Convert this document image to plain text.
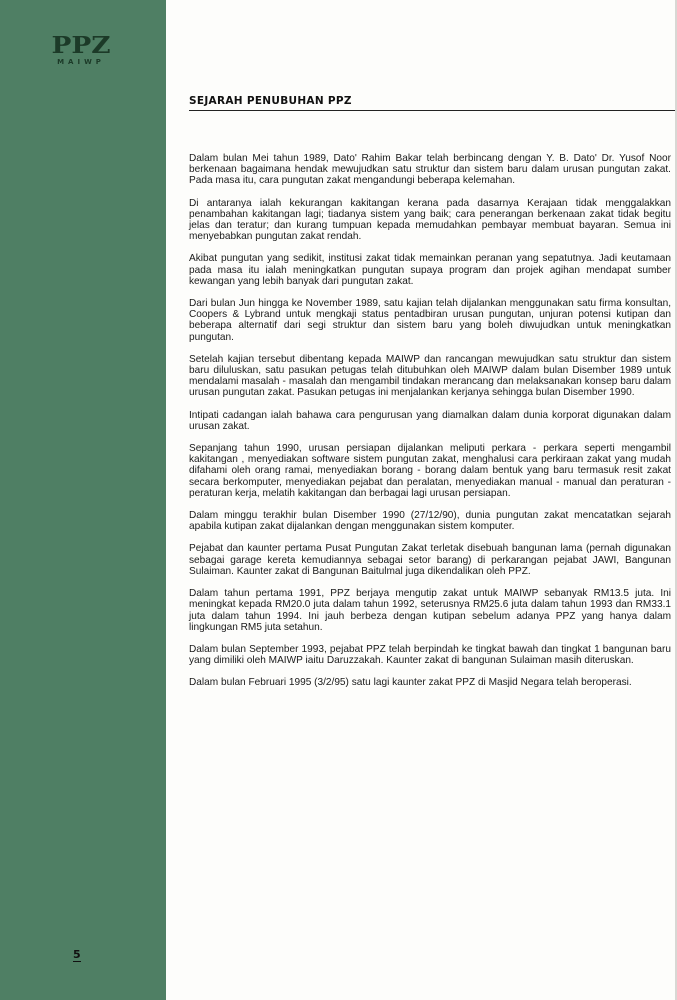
PPZ
MAIWP
5
SEJARAH PENUBUHAN PPZ

Dalam bulan Mei tahun 1989, Dato' Rahim Bakar telah berbincang dengan Y. B. Dato' Dr. Yusof Noor berkenaan bagaimana hendak mewujudkan satu struktur dan sistem baru dalam urusan pungutan zakat. Pada masa itu, cara pungutan zakat mengandungi beberapa kelemahan.

Di antaranya ialah kekurangan kakitangan kerana pada dasarnya Kerajaan tidak menggalakkan penambahan kakitangan lagi; tiadanya sistem yang baik; cara penerangan berkenaan zakat tidak begitu jelas dan teratur; dan kurang tumpuan kepada memudahkan pembayar membuat bayaran. Semua ini menyebabkan pungutan zakat rendah.

Akibat pungutan yang sedikit, institusi zakat tidak memainkan peranan yang sepatutnya. Jadi keutamaan pada masa itu ialah meningkatkan pungutan supaya program dan projek agihan mendapat sumber kewangan yang lebih banyak dari pungutan zakat.

Dari bulan Jun hingga ke November 1989, satu kajian telah dijalankan menggunakan satu firma konsultan, Coopers & Lybrand untuk mengkaji status pentadbiran urusan pungutan, unjuran potensi kutipan dan beberapa alternatif dari segi struktur dan sistem baru yang boleh diwujudkan untuk meningkatkan pungutan.

Setelah kajian tersebut dibentang kepada MAIWP dan rancangan mewujudkan satu struktur dan sistem baru diluluskan, satu pasukan petugas telah ditubuhkan oleh MAIWP dalam bulan Disember 1989 untuk mendalami masalah - masalah dan mengambil tindakan merancang dan melaksanakan konsep baru dalam urusan pungutan zakat. Pasukan petugas ini menjalankan kerjanya sehingga bulan Disember 1990.

Intipati cadangan ialah bahawa cara pengurusan yang diamalkan dalam dunia korporat digunakan dalam urusan zakat.

Sepanjang tahun 1990, urusan persiapan dijalankan meliputi perkara - perkara seperti mengambil kakitangan , menyediakan software sistem pungutan zakat, menghalusi cara perkiraan zakat yang mudah difahami oleh orang ramai, menyediakan borang - borang dalam bentuk yang baru termasuk resit zakat secara berkomputer, menyediakan pejabat dan peralatan, menyediakan manual - manual dan peraturan - peraturan kerja, melatih kakitangan dan berbagai lagi urusan persiapan.

Dalam minggu terakhir bulan Disember 1990 (27/12/90), dunia pungutan zakat mencatatkan sejarah apabila kutipan zakat dijalankan dengan menggunakan sistem komputer.

Pejabat dan kaunter pertama Pusat Pungutan Zakat terletak disebuah bangunan lama (pernah digunakan sebagai garage kereta kemudiannya sebagai setor barang) di perkarangan pejabat JAWI, Bangunan Sulaiman. Kaunter zakat di Bangunan Baitulmal juga dikendalikan oleh PPZ.

Dalam tahun pertama 1991, PPZ berjaya mengutip zakat untuk MAIWP sebanyak RM13.5 juta. Ini meningkat kepada RM20.0 juta dalam tahun 1992, seterusnya RM25.6 juta dalam tahun 1993 dan RM33.1 juta dalam tahun 1994. Ini jauh berbeza dengan kutipan sebelum adanya PPZ yang hanya dalam lingkungan RM5 juta setahun.

Dalam bulan September 1993, pejabat PPZ telah berpindah ke tingkat bawah dan tingkat 1 bangunan baru yang dimiliki oleh MAIWP iaitu Daruzzakah. Kaunter zakat di bangunan Sulaiman masih diteruskan.

Dalam bulan Februari 1995 (3/2/95) satu lagi kaunter zakat PPZ di Masjid Negara telah beroperasi.
